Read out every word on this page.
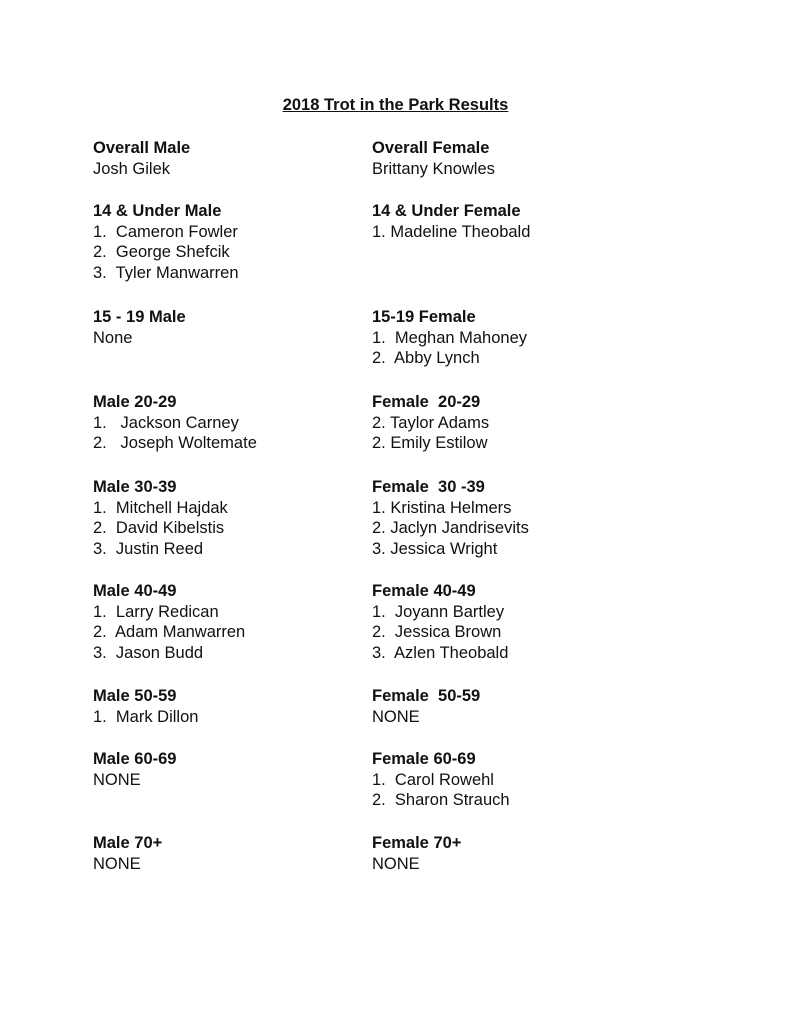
2018 Trot in the Park Results
Overall Male
Josh Gilek
Overall Female
Brittany Knowles
14 & Under Male
1.  Cameron Fowler
2.  George Shefcik
3.  Tyler Manwarren
14 & Under Female
1. Madeline Theobald
15 - 19 Male
None
15-19 Female
1.  Meghan Mahoney
2.  Abby Lynch
Male 20-29
1.   Jackson Carney
2.   Joseph Woltemate
Female  20-29
2. Taylor Adams
2. Emily Estilow
Male 30-39
1.  Mitchell Hajdak
2.  David Kibelstis
3.  Justin Reed
Female  30 -39
1. Kristina Helmers
2. Jaclyn Jandrisevits
3. Jessica Wright
Male 40-49
1.  Larry Redican
2.  Adam Manwarren
3.  Jason Budd
Female 40-49
1.  Joyann Bartley
2.  Jessica Brown
3.  Azlen Theobald
Male 50-59
1.  Mark Dillon
Female  50-59
NONE
Male 60-69
NONE
Female 60-69
1.  Carol Rowehl
2.  Sharon Strauch
Male 70+
NONE
Female 70+
NONE
